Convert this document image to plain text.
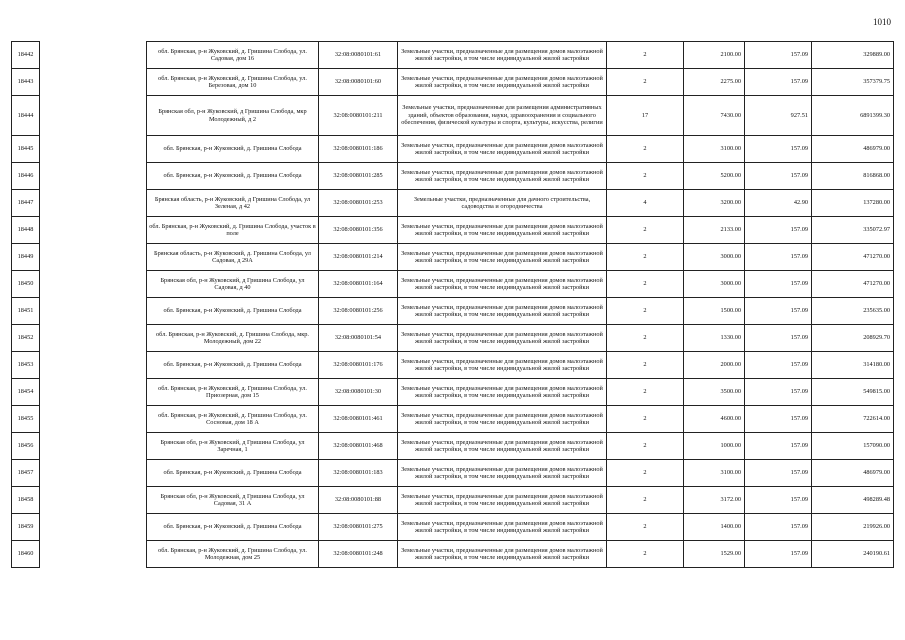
1010
18442		обл. Брянская, р-н Жуковский, д. Гришина Слобода, ул. Садовая, дом 16	32:08:0080101:61	Земельные участки, предназначенные для размещения домов малоэтажной жилой застройки, в том числе индивидуальной жилой застройки	2	2100.00	157.09	329889.00
18443		обл. Брянская, р-н Жуковский, д. Гришина Слобода, ул. Березовая, дом 10	32:08:0080101:60	Земельные участки, предназначенные для размещения домов малоэтажной жилой застройки, в том числе индивидуальной жилой застройки	2	2275.00	157.09	357379.75
18444		Брянская обл, р-н Жуковский, д Гришина Слобода, мкр Молодежный, д 2	32:08:0080101:211	Земельные участки, предназначенные для размещения административных зданий, объектов образования, науки, здравоохранения и социального обеспечения, физической культуры и спорта, культуры, искусства, религии	17	7430.00	927.51	6891399.30
18445		обл. Брянская, р-н Жуковский, д. Гришина Слобода	32:08:0080101:186	Земельные участки, предназначенные для размещения домов малоэтажной жилой застройки, в том числе индивидуальной жилой застройки	2	3100.00	157.09	486979.00
18446		обл. Брянская, р-н Жуковский, д. Гришина Слобода	32:08:0080101:285	Земельные участки, предназначенные для размещения домов малоэтажной жилой застройки, в том числе индивидуальной жилой застройки	2	5200.00	157.09	816868.00
18447		Брянская область, р-н Жуковский, д Гришина Слобода, ул Зеленая, д 42	32:08:0080101:253	Земельные участки, предназначенные для дачного строительства, садоводства и огородничества	4	3200.00	42.90	137280.00
18448		обл. Брянская, р-н Жуковский, д. Гришина Слобода, участок в поле	32:08:0080101:356	Земельные участки, предназначенные для размещения домов малоэтажной жилой застройки, в том числе индивидуальной жилой застройки	2	2133.00	157.09	335072.97
18449		Брянская область, р-н Жуковский, д. Гришина Слобода, ул Садовая, д 29А	32:08:0080101:214	Земельные участки, предназначенные для размещения домов малоэтажной жилой застройки, в том числе индивидуальной жилой застройки	2	3000.00	157.09	471270.00
18450		Брянская обл, р-н Жуковский, д Гришина Слобода, ул Садовая, д 40	32:08:0080101:164	Земельные участки, предназначенные для размещения домов малоэтажной жилой застройки, в том числе индивидуальной жилой застройки	2	3000.00	157.09	471270.00
18451		обл. Брянская, р-н Жуковский, д. Гришина Слобода	32:08:0080101:256	Земельные участки, предназначенные для размещения домов малоэтажной жилой застройки, в том числе индивидуальной жилой застройки	2	1500.00	157.09	235635.00
18452		обл. Брянская, р-н Жуковский, д. Гришина Слобода, мкр. Молодежный, дом 22	32:08:0080101:54	Земельные участки, предназначенные для размещения домов малоэтажной жилой застройки, в том числе индивидуальной жилой застройки	2	1330.00	157.09	208929.70
18453		обл. Брянская, р-н Жуковский, д. Гришина Слобода	32:08:0080101:176	Земельные участки, предназначенные для размещения домов малоэтажной жилой застройки, в том числе индивидуальной жилой застройки	2	2000.00	157.09	314180.00
18454		обл. Брянская, р-н Жуковский, д. Гришина Слобода, ул. Приозерная, дом 15	32:08:0080101:30	Земельные участки, предназначенные для размещения домов малоэтажной жилой застройки, в том числе индивидуальной жилой застройки	2	3500.00	157.09	549815.00
18455		обл. Брянская, р-н Жуковский, д. Гришина Слобода, ул. Сосновая, дом 18 А	32:08:0080101:461	Земельные участки, предназначенные для размещения домов малоэтажной жилой застройки, в том числе индивидуальной жилой застройки	2	4600.00	157.09	722614.00
18456		Брянская обл, р-н Жуковский, д Гришина Слобода, ул Заречная, 1	32:08:0080101:468	Земельные участки, предназначенные для размещения домов малоэтажной жилой застройки, в том числе индивидуальной жилой застройки	2	1000.00	157.09	157090.00
18457		обл. Брянская, р-н Жуковский, д. Гришина Слобода	32:08:0080101:183	Земельные участки, предназначенные для размещения домов малоэтажной жилой застройки, в том числе индивидуальной жилой застройки	2	3100.00	157.09	486979.00
18458		Брянская обл, р-н Жуковский, д Гришина Слобода, ул Садовая, 31 А	32:08:0080101:88	Земельные участки, предназначенные для размещения домов малоэтажной жилой застройки, в том числе индивидуальной жилой застройки	2	3172.00	157.09	498289.48
18459		обл. Брянская, р-н Жуковский, д. Гришина Слобода	32:08:0080101:275	Земельные участки, предназначенные для размещения домов малоэтажной жилой застройки, в том числе индивидуальной жилой застройки	2	1400.00	157.09	219926.00
18460		обл. Брянская, р-н Жуковский, д. Гришина Слобода, ул. Молодежная, дом 25	32:08:0080101:248	Земельные участки, предназначенные для размещения домов малоэтажной жилой застройки, в том числе индивидуальной жилой застройки	2	1529.00	157.09	240190.61
